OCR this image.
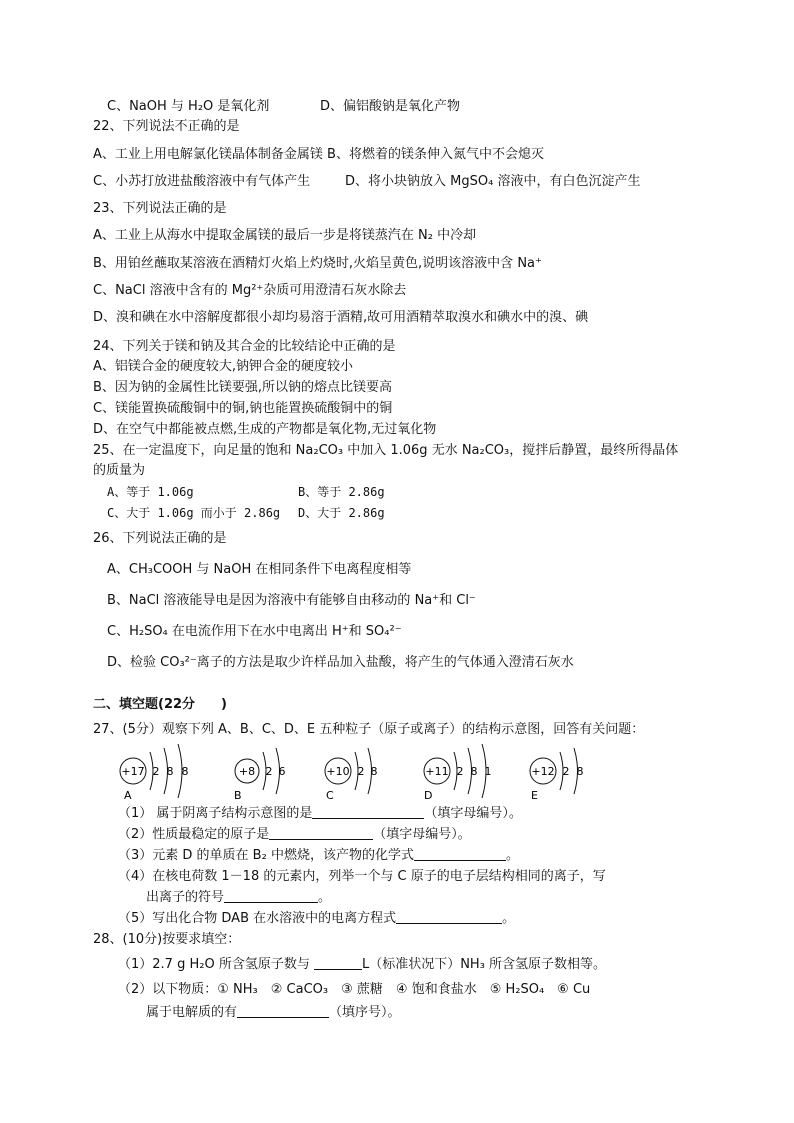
C、NaOH 与 H₂O 是氧化剂	D、偏铝酸钠是氧化产物
22、下列说法不正确的是
A、工业上用电解氯化镁晶体制备金属镁 B、将燃着的镁条伸入氮气中不会熄灭
C、小苏打放进盐酸溶液中有气体产生	D、将小块钠放入 MgSO₄ 溶液中，有白色沉淀产生
23、下列说法正确的是
A、工业上从海水中提取金属镁的最后一步是将镁蒸汽在 N₂ 中冷却
B、用铂丝蘸取某溶液在酒精灯火焰上灼烧时,火焰呈黄色,说明该溶液中含 Na⁺
C、NaCl 溶液中含有的 Mg²⁺杂质可用澄清石灰水除去
D、溴和碘在水中溶解度都很小却均易溶于酒精,故可用酒精萃取溴水和碘水中的溴、碘
24、下列关于镁和钠及其合金的比较结论中正确的是
A、铝镁合金的硬度较大,钠钾合金的硬度较小
B、因为钠的金属性比镁要强,所以钠的熔点比镁要高
C、镁能置换硫酸铜中的铜,钠也能置换硫酸铜中的铜
D、在空气中都能被点燃,生成的产物都是氧化物,无过氧化物
25、在一定温度下，向足量的饱和 Na₂CO₃ 中加入 1.06g 无水 Na₂CO₃，搅拌后静置，最终所得晶体
的质量为
A、等于 1.06g	B、等于 2.86g
C、大于 1.06g 而小于 2.86g D、大于 2.86g
26、下列说法正确的是
A、CH₃COOH 与 NaOH 在相同条件下电离程度相等
B、NaCl 溶液能导电是因为溶液中有能够自由移动的 Na⁺和 Cl⁻
C、H₂SO₄ 在电流作用下在水中电离出 H⁺和 SO₄²⁻
D、检验 CO₃²⁻离子的方法是取少许样品加入盐酸，将产生的气体通入澄清石灰水
二、填空题(22分　　)
27、(5分）观察下列 A、B、C、D、E 五种粒子（原子或离子）的结构示意图，回答有关问题：
+17 2 8 8
A
+8 2 6
B
+10 2 8
C
+11 2 8 1
D
+12 2 8
E
（1） 属于阴离子结构示意图的是	（填字母编号）。
（2）性质最稳定的原子是	（填字母编号）。
（3）元素 D 的单质在 B₂ 中燃烧，该产物的化学式	。
（4）在核电荷数 1－18 的元素内，列举一个与 C 原子的电子层结构相同的离子，写
出离子的符号	。
（5）写出化合物 DAB 在水溶液中的电离方程式	。
28、(10分)按要求填空：
（1）2.7 g H₂O 所含氢原子数与	L（标准状况下）NH₃ 所含氢原子数相等。
（2）以下物质：① NH₃　② CaCO₃　③ 蔗糖　④ 饱和食盐水　⑤ H₂SO₄　⑥ Cu
属于电解质的有	（填序号）。
